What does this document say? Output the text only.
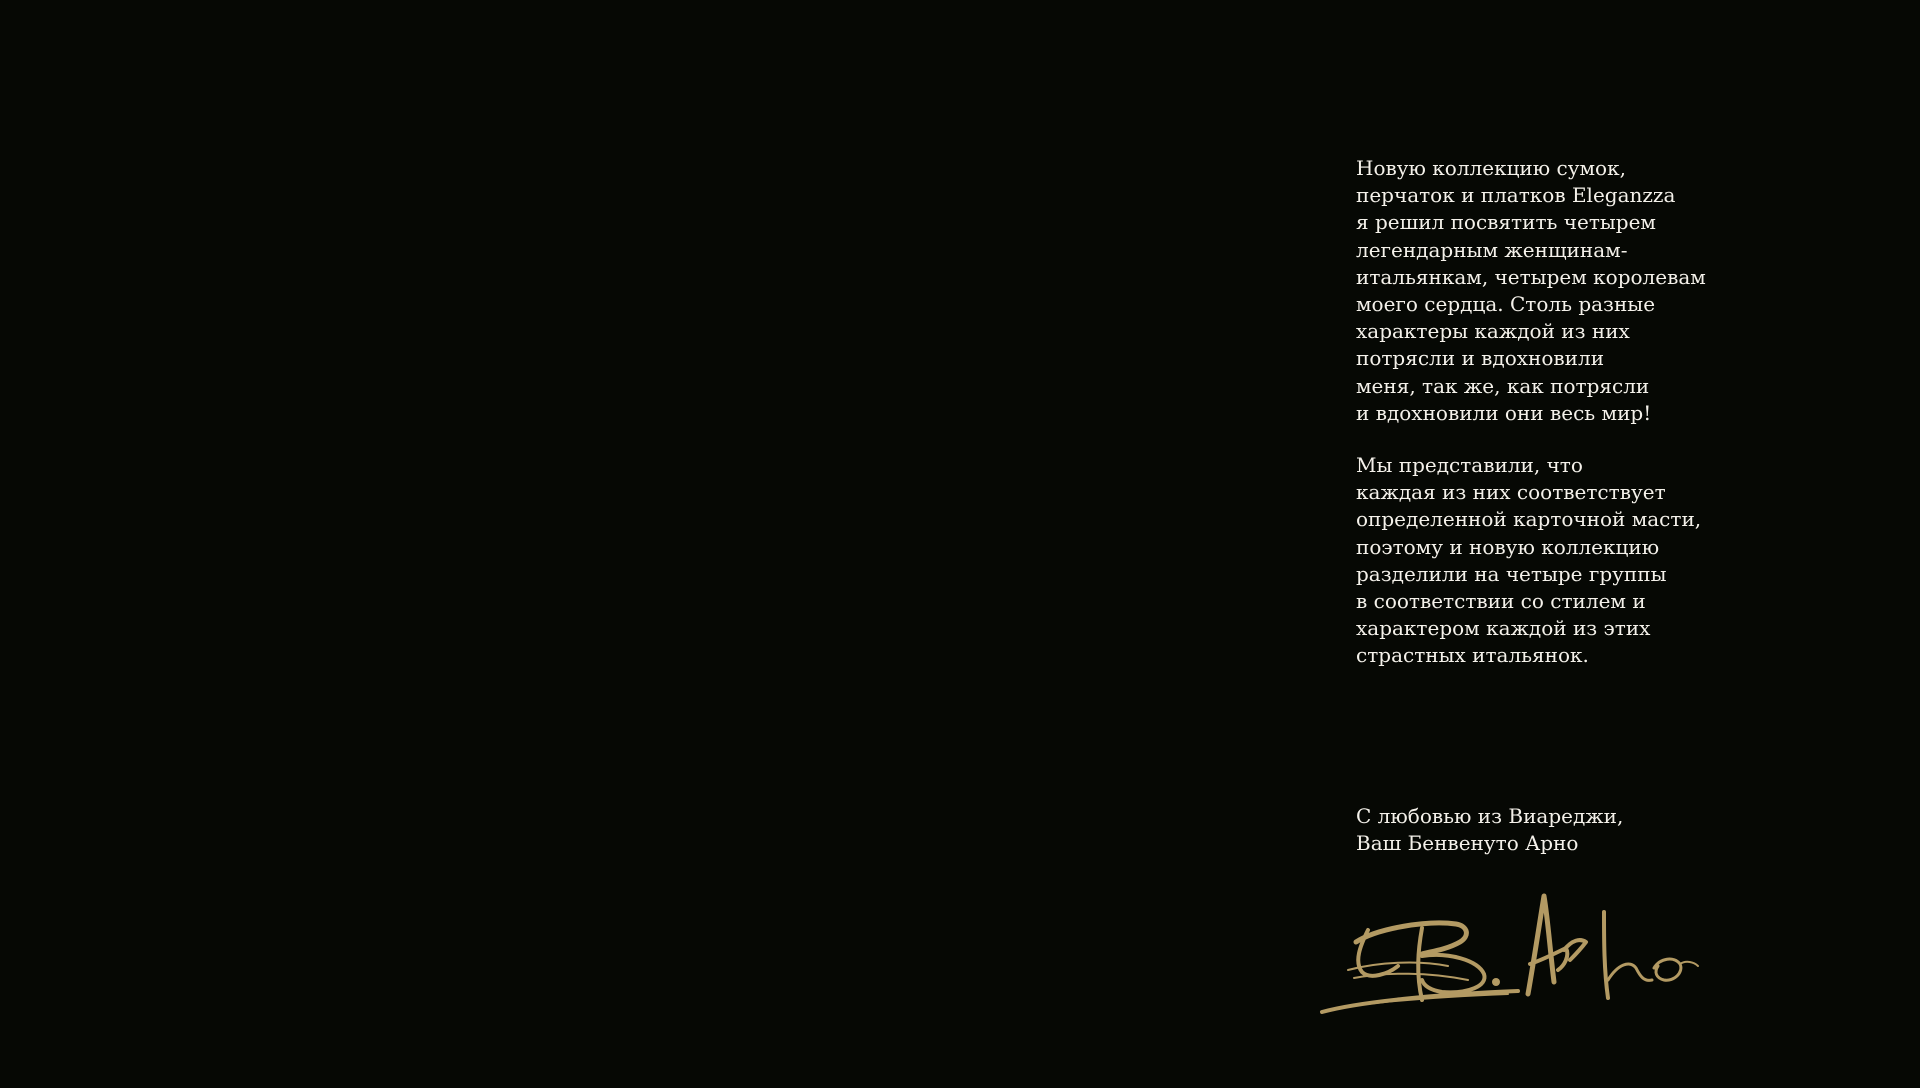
Новую коллекцию сумок,
перчаток и платков Eleganzza
я решил посвятить четырем
легендарным женщинам-
итальянкам, четырем королевам
моего сердца. Столь разные
характеры каждой из них
потрясли и вдохновили
меня, так же, как потрясли
и вдохновили они весь мир!
Мы представили, что
каждая из них соответствует
определенной карточной масти,
поэтому и новую коллекцию
разделили на четыре группы
в соответствии со стилем и
характером каждой из этих
страстных итальянок.
С любовью из Виареджи,
Ваш Бенвенуто Арно
